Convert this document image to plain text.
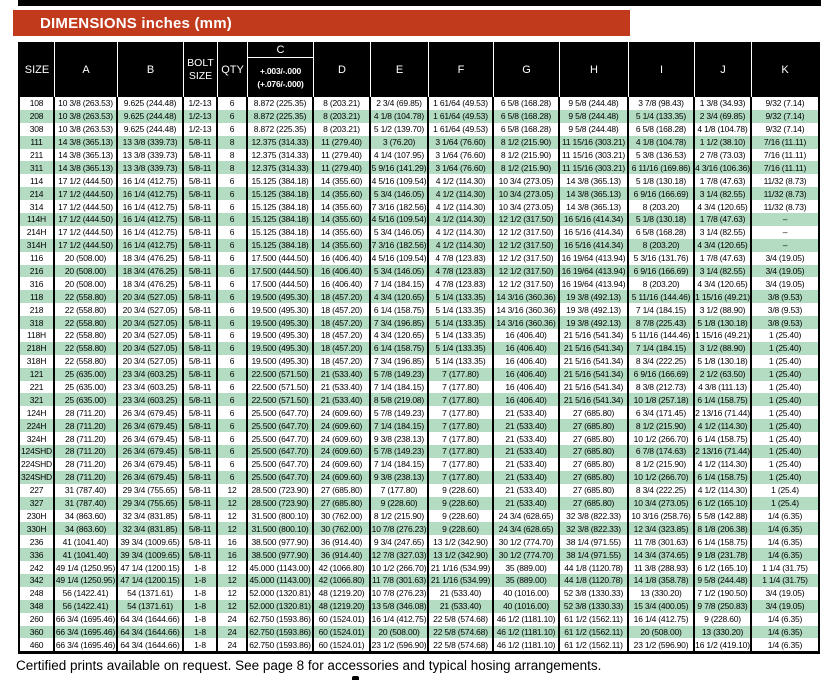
DIMENSIONS inches (mm)
SIZE	A	B
BOLT
SIZE QTY
C
+.003/-.000
(+.076/-.000)
D	E	F	G	H	I	J	K
108	10 3/8 (263.53)	9.625 (244.48)	1/2-13	6	8.872 (225.35)	8 (203.21)	2 3/4 (69.85)	1 61/64 (49.53)	6 5/8 (168.28)	9 5/8 (244.48)	3 7/8 (98.43)	1 3/8 (34.93)	9/32 (7.14)
208	10 3/8 (263.53)	9.625 (244.48)	1/2-13	6	8.872 (225.35)	8 (203.21)	4 1/8 (104.78)	1 61/64 (49.53)	6 5/8 (168.28)	9 5/8 (244.48)	5 1/4 (133.35)	2 3/4 (69.85)	9/32 (7.14)
308	10 3/8 (263.53)	9.625 (244.48)	1/2-13	6	8.872 (225.35)	8 (203.21)	5 1/2 (139.70)	1 61/64 (49.53)	6 5/8 (168.28)	9 5/8 (244.48)	6 5/8 (168.28)	4 1/8 (104.78)	9/32 (7.14)
111	14 3/8 (365.13)	13 3/8 (339.73)	5/8-11	8	12.375 (314.33)	11 (279.40)	3 (76.20)	3 1/64 (76.60)	8 1/2 (215.90)	11 15/16 (303.21)	4 1/8 (104.78)	1 1/2 (38.10)	7/16 (11.11)
211	14 3/8 (365.13)	13 3/8 (339.73)	5/8-11	8	12.375 (314.33)	11 (279.40)	4 1/4 (107.95)	3 1/64 (76.60)	8 1/2 (215.90)	11 15/16 (303.21)	5 3/8 (136.53)	2 7/8 (73.03)	7/16 (11.11)
311	14 3/8 (365.13)	13 3/8 (339.73)	5/8-11	8	12.375 (314.33)	11 (279.40)	5 9/16 (141.29)	3 1/64 (76.60)	8 1/2 (215.90)	11 15/16 (303.21) 6 11/16 (169.86) 4 3/16 (106.36)	7/16 (11.11)
114	17 1/2 (444.50)	16 1/4 (412.75)	5/8-11	6	15.125 (384.18)	14 (355.60)	4 5/16 (109.54)	4 1/2 (114.30)	10 3/4 (273.05)	14 3/8 (365.13)	5 1/8 (130.18)	1 7/8 (47.63)	11/32 (8.73)
214	17 1/2 (444.50)	16 1/4 (412.75)	5/8-11	6	15.125 (384.18)	14 (355.60)	5 3/4 (146.05)	4 1/2 (114.30)	10 3/4 (273.05)	14 3/8 (365.13)	6 9/16 (166.69)	3 1/4 (82.55)	11/32 (8.73)
314	17 1/2 (444.50)	16 1/4 (412.75)	5/8-11	6	15.125 (384.18)	14 (355.60)	7 3/16 (182.56)	4 1/2 (114.30)	10 3/4 (273.05)	14 3/8 (365.13)	8 (203.20)	4 3/4 (120.65)	11/32 (8.73)
114H	17 1/2 (444.50)	16 1/4 (412.75)	5/8-11	6	15.125 (384.18)	14 (355.60)	4 5/16 (109.54)	4 1/2 (114.30)	12 1/2 (317.50)	16 5/16 (414.34)	5 1/8 (130.18)	1 7/8 (47.63)	–
214H	17 1/2 (444.50)	16 1/4 (412.75)	5/8-11	6	15.125 (384.18)	14 (355.60)	5 3/4 (146.05)	4 1/2 (114.30)	12 1/2 (317.50)	16 5/16 (414.34)	6 5/8 (168.28)	3 1/4 (82.55)	–
314H	17 1/2 (444.50)	16 1/4 (412.75)	5/8-11	6	15.125 (384.18)	14 (355.60)	7 3/16 (182.56)	4 1/2 (114.30)	12 1/2 (317.50)	16 5/16 (414.34)	8 (203.20)	4 3/4 (120.65)	–
116	20 (508.00)	18 3/4 (476.25)	5/8-11	6	17.500 (444.50)	16 (406.40)	4 5/16 (109.54)	4 7/8 (123.83)	12 1/2 (317.50) 16 19/64 (413.94) 5 3/16 (131.76)	1 7/8 (47.63)	3/4 (19.05)
216	20 (508.00)	18 3/4 (476.25)	5/8-11	6	17.500 (444.50)	16 (406.40)	5 3/4 (146.05)	4 7/8 (123.83)	12 1/2 (317.50) 16 19/64 (413.94) 6 9/16 (166.69)	3 1/4 (82.55)	3/4 (19.05)
316	20 (508.00)	18 3/4 (476.25)	5/8-11	6	17.500 (444.50)	16 (406.40)	7 1/4 (184.15)	4 7/8 (123.83)	12 1/2 (317.50) 16 19/64 (413.94)	8 (203.20)	4 3/4 (120.65)	3/4 (19.05)
118	22 (558.80)	20 3/4 (527.05)	5/8-11	6	19.500 (495.30)	18 (457.20)	4 3/4 (120.65)	5 1/4 (133.35)	14 3/16 (360.36)	19 3/8 (492.13)	5 11/16 (144.46) 1 15/16 (49.21)	3/8 (9.53)
218	22 (558.80)	20 3/4 (527.05)	5/8-11	6	19.500 (495.30)	18 (457.20)	6 1/4 (158.75)	5 1/4 (133.35)	14 3/16 (360.36)	19 3/8 (492.13)	7 1/4 (184.15)	3 1/2 (88.90)	3/8 (9.53)
318	22 (558.80)	20 3/4 (527.05)	5/8-11	6	19.500 (495.30)	18 (457.20)	7 3/4 (196.85)	5 1/4 (133.35)	14 3/16 (360.36)	19 3/8 (492.13)	8 7/8 (225.43)	5 1/8 (130.18)	3/8 (9.53)
118H	22 (558.80)	20 3/4 (527.05)	5/8-11	6	19.500 (495.30)	18 (457.20)	4 3/4 (120.65)	5 1/4 (133.35)	16 (406.40)	21 5/16 (541.34)	5 11/16 (144.46) 1 15/16 (49.21)	1 (25.40)
218H	22 (558.80)	20 3/4 (527.05)	5/8-11	6	19.500 (495.30)	18 (457.20)	6 1/4 (158.75)	5 1/4 (133.35)	16 (406.40)	21 5/16 (541.34)	7 1/4 (184.15)	3 1/2 (88.90)	1 (25.40)
318H	22 (558.80)	20 3/4 (527.05)	5/8-11	6	19.500 (495.30)	18 (457.20)	7 3/4 (196.85)	5 1/4 (133.35)	16 (406.40)	21 5/16 (541.34)	8 3/4 (222.25)	5 1/8 (130.18)	1 (25.40)
121	25 (635.00)	23 3/4 (603.25)	5/8-11	6	22.500 (571.50)	21 (533.40)	5 7/8 (149.23)	7 (177.80)	16 (406.40)	21 5/16 (541.34)	6 9/16 (166.69)	2 1/2 (63.50)	1 (25.40)
221	25 (635.00)	23 3/4 (603.25)	5/8-11	6	22.500 (571.50)	21 (533.40)	7 1/4 (184.15)	7 (177.80)	16 (406.40)	21 5/16 (541.34)	8 3/8 (212.73)	4 3/8 (111.13)	1 (25.40)
321	25 (635.00)	23 3/4 (603.25)	5/8-11	6	22.500 (571.50)	21 (533.40)	8 5/8 (219.08)	7 (177.80)	16 (406.40)	21 5/16 (541.34)	10 1/8 (257.18)	6 1/4 (158.75)	1 (25.40)
124H	28 (711.20)	26 3/4 (679.45)	5/8-11	6	25.500 (647.70)	24 (609.60)	5 7/8 (149.23)	7 (177.80)	21 (533.40)	27 (685.80)	6 3/4 (171.45)	2 13/16 (71.44)	1 (25.40)
224H	28 (711.20)	26 3/4 (679.45)	5/8-11	6	25.500 (647.70)	24 (609.60)	7 1/4 (184.15)	7 (177.80)	21 (533.40)	27 (685.80)	8 1/2 (215.90)	4 1/2 (114.30)	1 (25.40)
324H	28 (711.20)	26 3/4 (679.45)	5/8-11	6	25.500 (647.70)	24 (609.60)	9 3/8 (238.13)	7 (177.80)	21 (533.40)	27 (685.80)	10 1/2 (266.70)	6 1/4 (158.75)	1 (25.40)
124SHD	28 (711.20)	26 3/4 (679.45)	5/8-11	6	25.500 (647.70)	24 (609.60)	5 7/8 (149.23)	7 (177.80)	21 (533.40)	27 (685.80)	6 7/8 (174.63)	2 13/16 (71.44)	1 (25.40)
224SHD	28 (711.20)	26 3/4 (679.45)	5/8-11	6	25.500 (647.70)	24 (609.60)	7 1/4 (184.15)	7 (177.80)	21 (533.40)	27 (685.80)	8 1/2 (215.90)	4 1/2 (114.30)	1 (25.40)
324SHD	28 (711.20)	26 3/4 (679.45)	5/8-11	6	25.500 (647.70)	24 (609.60)	9 3/8 (238.13)	7 (177.80)	21 (533.40)	27 (685.80)	10 1/2 (266.70)	6 1/4 (158.75)	1 (25.40)
227	31 (787.40)	29 3/4 (755.65)	5/8-11	12	28.500 (723.90)	27 (685.80)	7 (177.80)	9 (228.60)	21 (533.40)	27 (685.80)	8 3/4 (222.25)	4 1/2 (114.30)	1 (25.4)
327	31 (787.40)	29 3/4 (755.65)	5/8-11	12	28.500 (723.90)	27 (685.80)	9 (228.60)	9 (228.60)	21 (533.40)	27 (685.80)	10 3/4 (273.05)	6 1/2 (165.10)	1 (25.4)
230H	34 (863.60)	32 3/4 (831.85)	5/8-11	12	31.500 (800.10)	30 (762.00)	8 1/2 (215.90)	9 (228.60)	24 3/4 (628.65)	32 3/8 (822.33)	10 3/16 (258.76) 5 5/8 (142.88)	1/4 (6.35)
330H	34 (863.60)	32 3/4 (831.85)	5/8-11	12	31.500 (800.10)	30 (762.00)	10 7/8 (276.23)	9 (228.60)	24 3/4 (628.65)	32 3/8 (822.33)	12 3/4 (323.85)	8 1/8 (206.38)	1/4 (6.35)
236	41 (1041.40)	39 3/4 (1009.65)	5/8-11	16	38.500 (977.90)	36 (914.40)	9 3/4 (247.65)	13 1/2 (342.90)	30 1/2 (774.70)	38 1/4 (971.55)	11 7/8 (301.63)	6 1/4 (158.75)	1/4 (6.35)
336	41 (1041.40)	39 3/4 (1009.65)	5/8-11	16	38.500 (977.90)	36 (914.40)	12 7/8 (327.03) 13 1/2 (342.90)	30 1/2 (774.70)	38 1/4 (971.55)	14 3/4 (374.65)	9 1/8 (231.78)	1/4 (6.35)
242	49 1/4 (1250.95) 47 1/4 (1200.15)	1-8	12	45.000 (1143.00) 42 (1066.80) 10 1/2 (266.70) 21 1/16 (534.99)	35 (889.00)	44 1/8 (1120.78)	11 3/8 (288.93)	6 1/2 (165.10)	1 1/4 (31.75)
342	49 1/4 (1250.95) 47 1/4 (1200.15)	1-8	12	45.000 (1143.00) 42 (1066.80) 11 7/8 (301.63) 21 1/16 (534.99)	35 (889.00)	44 1/8 (1120.78)	14 1/8 (358.78)	9 5/8 (244.48)	1 1/4 (31.75)
248	56 (1422.41)	54 (1371.61)	1-8	12	52.000 (1320.81) 48 (1219.20) 10 7/8 (276.23)	21 (533.40)	40 (1016.00)	52 3/8 (1330.33)	13 (330.20)	7 1/2 (190.50)	3/4 (19.05)
348	56 (1422.41)	54 (1371.61)	1-8	12	52.000 (1320.81) 48 (1219.20) 13 5/8 (346.08)	21 (533.40)	40 (1016.00)	52 3/8 (1330.33)	15 3/4 (400.05)	9 7/8 (250.83)	3/4 (19.05)
260	66 3/4 (1695.46) 64 3/4 (1644.66)	1-8	24	62.750 (1593.86) 60 (1524.01) 16 1/4 (412.75) 22 5/8 (574.68)	46 1/2 (1181.10)	61 1/2 (1562.11)	16 1/4 (412.75)	9 (228.60)	1/4 (6.35)
360	66 3/4 (1695.46) 64 3/4 (1644.66)	1-8	24	62.750 (1593.86) 60 (1524.01)	20 (508.00)	22 5/8 (574.68)	46 1/2 (1181.10)	61 1/2 (1562.11)	20 (508.00)	13 (330.20)	1/4 (6.35)
460	66 3/4 (1695.46) 64 3/4 (1644.66)	1-8	24	62.750 (1593.86) 60 (1524.01) 23 1/2 (596.90) 22 5/8 (574.68)	46 1/2 (1181.10)	61 1/2 (1562.11)	23 1/2 (596.90) 16 1/2 (419.10)	1/4 (6.35)
Certified prints available on request. See page 8 for accessories and typical hosing arrangements.
